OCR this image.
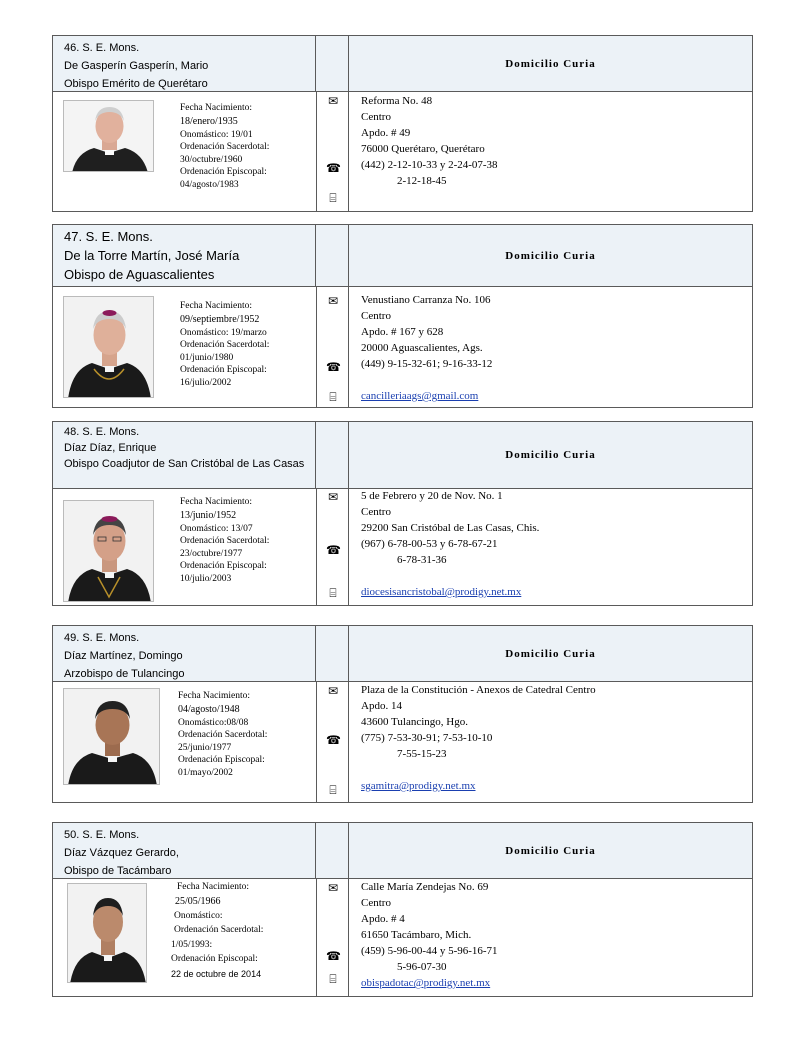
46. S. E. Mons.
De Gasperín Gasperín, Mario
Obispo Emérito de Querétaro
Domicilio Curia
Fecha Nacimiento:
18/enero/1935
Onomástico: 19/01
Ordenación Sacerdotal:
30/octubre/1960
Ordenación Episcopal:
04/agosto/1983
✉
☎
⌸
Reforma No. 48
Centro
Apdo. # 49
76000 Querétaro, Querétaro
(442) 2-12-10-33 y 2-24-07-38
2-12-18-45
47. S. E. Mons.
De la Torre Martín, José María
Obispo de Aguascalientes
Domicilio Curia
Fecha Nacimiento:
09/septiembre/1952
Onomástico: 19/marzo
Ordenación Sacerdotal:
01/junio/1980
Ordenación Episcopal:
16/julio/2002
✉
☎
⌸
Venustiano Carranza No. 106
Centro
Apdo. # 167 y 628
20000 Aguascalientes, Ags.
(449) 9-15-32-61; 9-16-33-12
cancilleriaags@gmail.com
48. S. E. Mons.
Díaz Díaz, Enrique
Obispo Coadjutor de San Cristóbal de Las Casas
Domicilio Curia
Fecha Nacimiento:
13/junio/1952
Onomástico: 13/07
Ordenación Sacerdotal:
23/octubre/1977
Ordenación Episcopal:
10/julio/2003
✉
☎
⌸
5 de Febrero y 20 de Nov. No. 1
Centro
29200 San Cristóbal de Las Casas, Chis.
(967) 6-78-00-53 y 6-78-67-21
6-78-31-36
diocesisancristobal@prodigy.net.mx
49. S. E. Mons.
Díaz Martínez, Domingo
Arzobispo de Tulancingo
Domicilio Curia
Fecha Nacimiento:
04/agosto/1948
Onomástico:08/08
Ordenación Sacerdotal:
25/junio/1977
Ordenación Episcopal:
01/mayo/2002
✉
☎
⌸
Plaza de la Constitución - Anexos de Catedral Centro
Apdo. 14
43600 Tulancingo, Hgo.
(775) 7-53-30-91; 7-53-10-10
7-55-15-23
sgamitra@prodigy.net.mx
50. S. E. Mons.
Díaz Vázquez Gerardo,
Obispo de Tacámbaro
Domicilio Curia
Fecha Nacimiento:
25/05/1966
Onomástico:
Ordenación Sacerdotal:
1/05/1993:
Ordenación Episcopal:
22 de octubre de 2014
✉
☎
⌸
Calle María Zendejas No. 69
Centro
Apdo. # 4
61650 Tacámbaro, Mich.
(459) 5-96-00-44 y 5-96-16-71
5-96-07-30
obispadotac@prodigy.net.mx
